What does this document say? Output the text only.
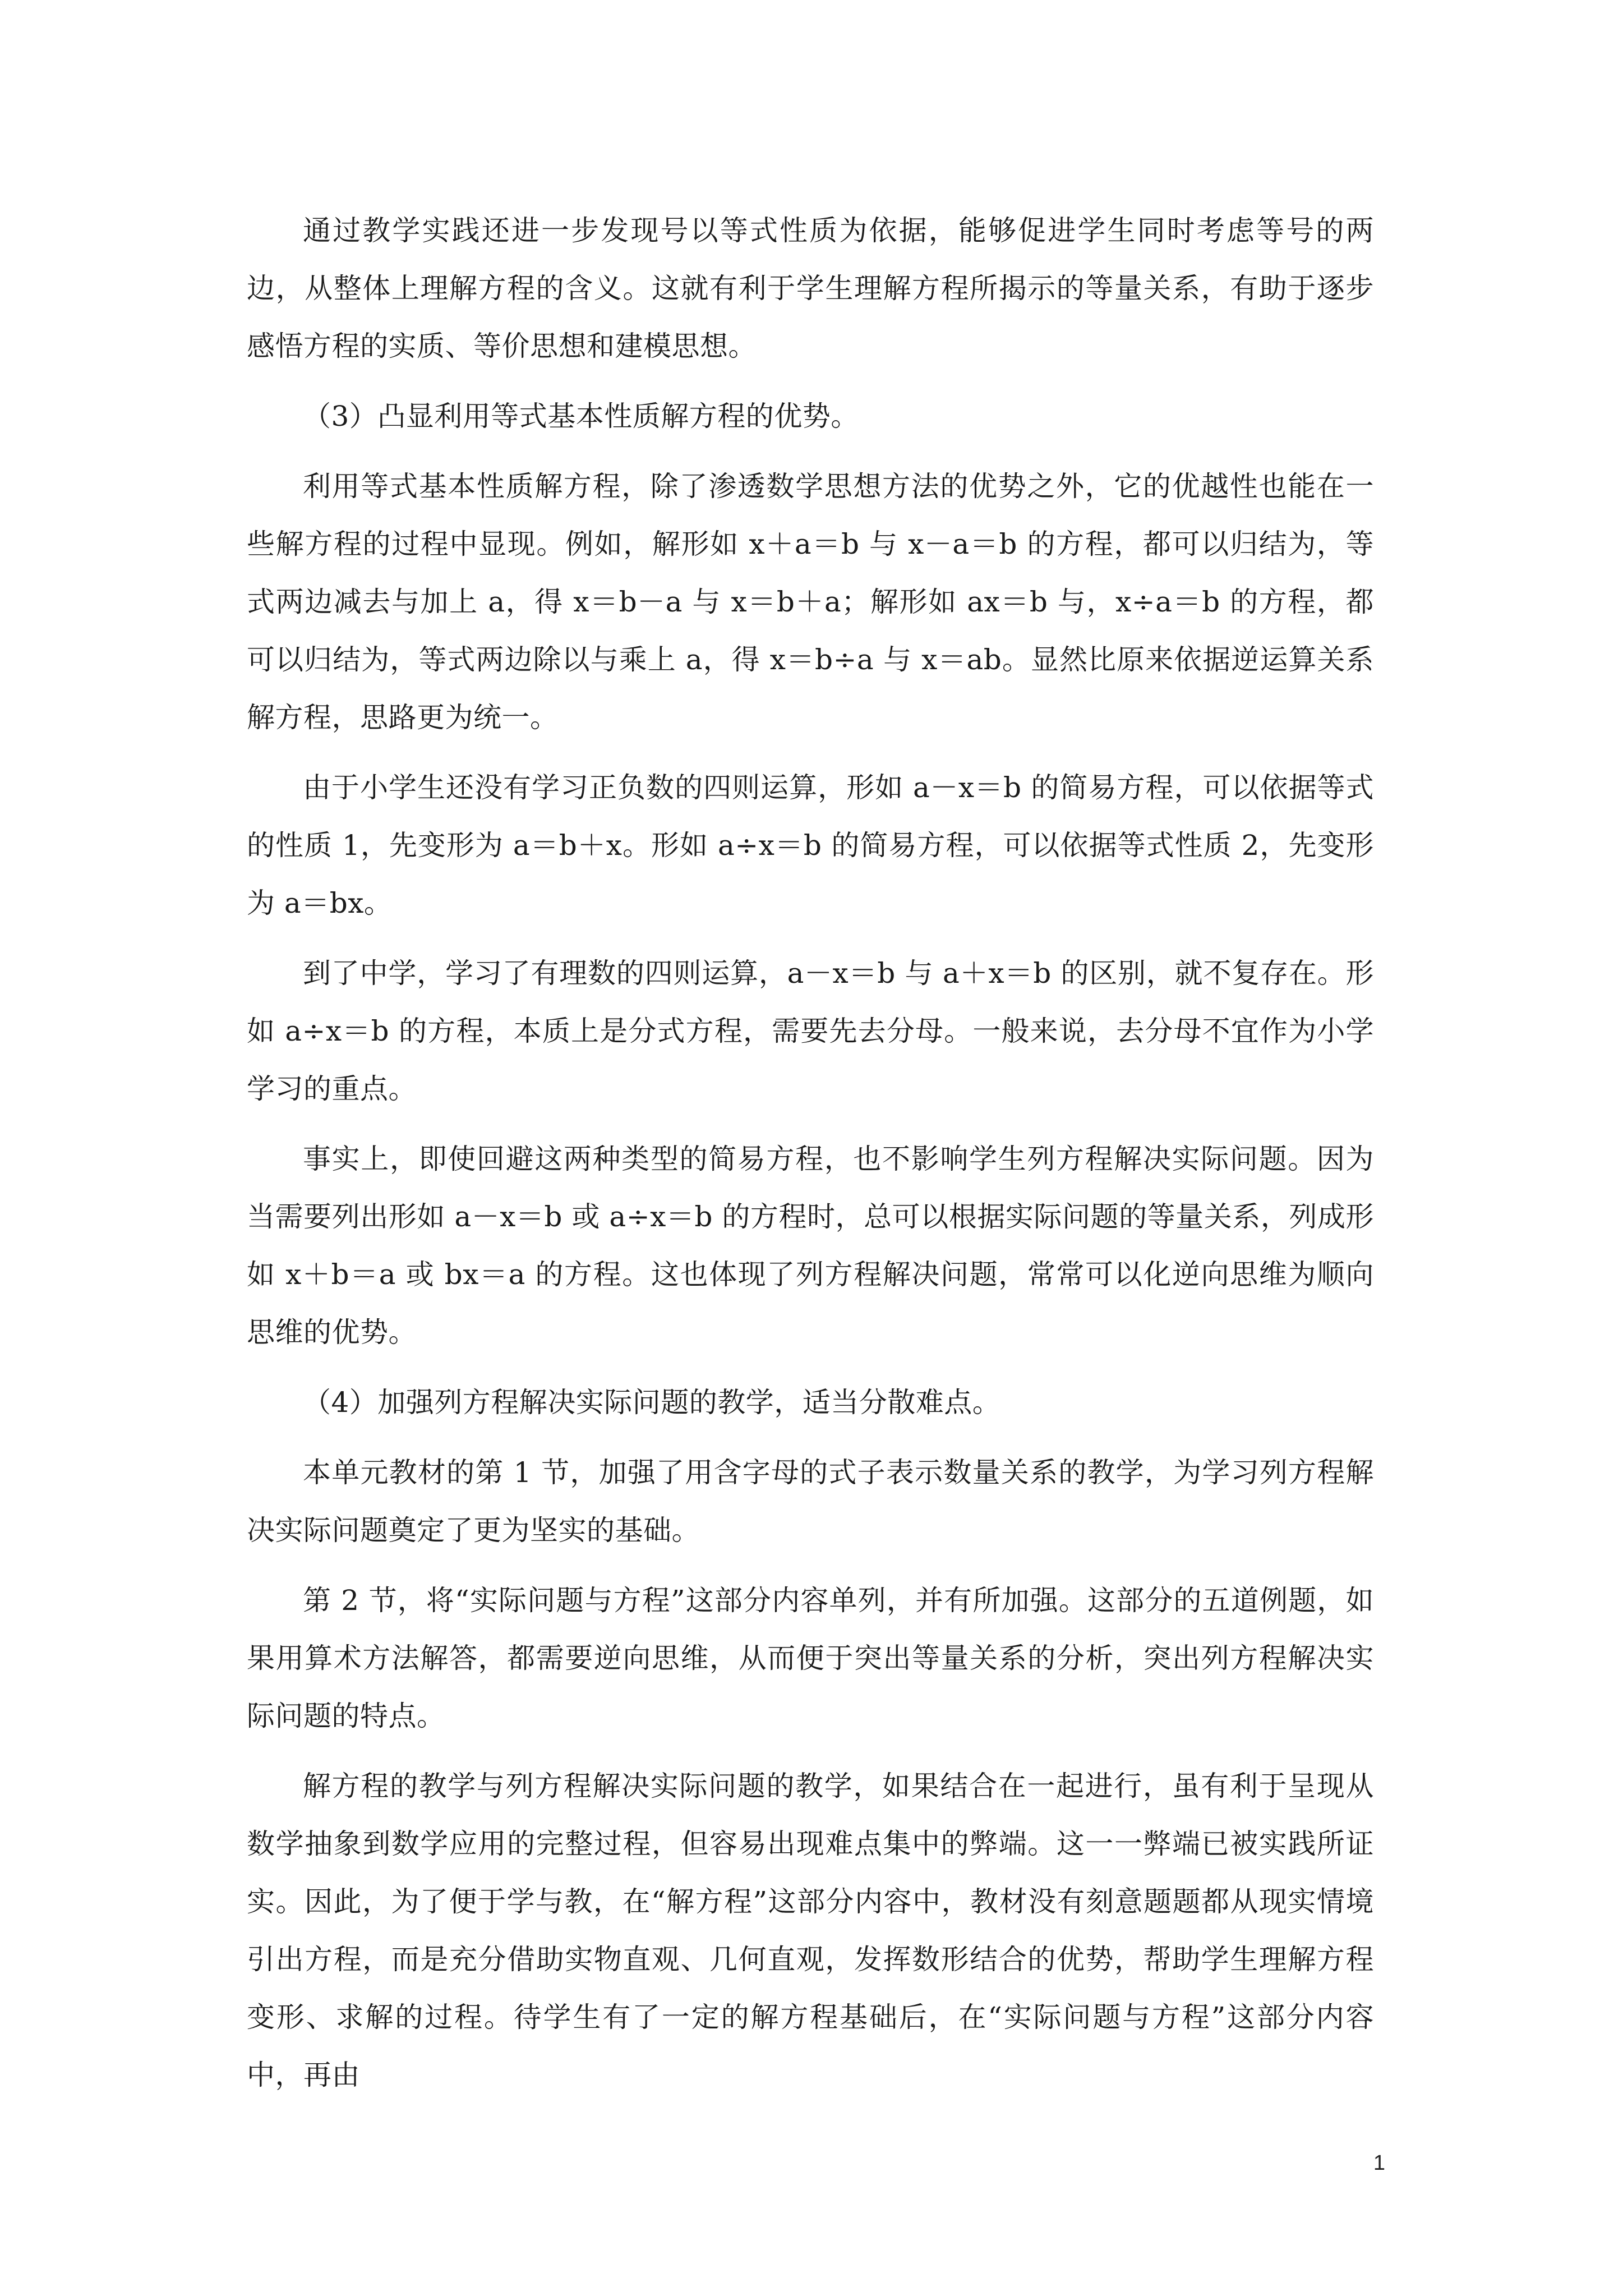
通过教学实践还进一步发现号以等式性质为依据，能够促进学生同时考虑等号的两边，从整体上理解方程的含义。这就有利于学生理解方程所揭示的等量关系，有助于逐步感悟方程的实质、等价思想和建模思想。

（3）凸显利用等式基本性质解方程的优势。

利用等式基本性质解方程，除了渗透数学思想方法的优势之外，它的优越性也能在一些解方程的过程中显现。例如，解形如 x＋a＝b 与 x－a＝b 的方程，都可以归结为，等式两边减去与加上 a，得 x＝b－a 与 x＝b＋a；解形如 ax＝b 与，x÷a＝b 的方程，都可以归结为，等式两边除以与乘上 a，得 x＝b÷a 与 x＝ab。显然比原来依据逆运算关系解方程，思路更为统一。

由于小学生还没有学习正负数的四则运算，形如 a－x＝b 的简易方程，可以依据等式的性质 1，先变形为 a＝b＋x。形如 a÷x＝b 的简易方程，可以依据等式性质 2，先变形为 a＝bx。

到了中学，学习了有理数的四则运算，a－x＝b 与 a＋x＝b 的区别，就不复存在。形如 a÷x＝b 的方程，本质上是分式方程，需要先去分母。一般来说，去分母不宜作为小学学习的重点。

事实上，即使回避这两种类型的简易方程，也不影响学生列方程解决实际问题。因为当需要列出形如 a－x＝b 或 a÷x＝b 的方程时，总可以根据实际问题的等量关系，列成形如 x＋b＝a 或 bx＝a 的方程。这也体现了列方程解决问题，常常可以化逆向思维为顺向思维的优势。

（4）加强列方程解决实际问题的教学，适当分散难点。

本单元教材的第 1 节，加强了用含字母的式子表示数量关系的教学，为学习列方程解决实际问题奠定了更为坚实的基础。

第 2 节，将“实际问题与方程”这部分内容单列，并有所加强。这部分的五道例题，如果用算术方法解答，都需要逆向思维，从而便于突出等量关系的分析，突出列方程解决实际问题的特点。

解方程的教学与列方程解决实际问题的教学，如果结合在一起进行，虽有利于呈现从数学抽象到数学应用的完整过程，但容易出现难点集中的弊端。这一一弊端已被实践所证实。因此，为了便于学与教，在“解方程”这部分内容中，教材没有刻意题题都从现实情境引出方程，而是充分借助实物直观、几何直观，发挥数形结合的优势，帮助学生理解方程变形、求解的过程。待学生有了一定的解方程基础后，在“实际问题与方程”这部分内容中，再由

1
